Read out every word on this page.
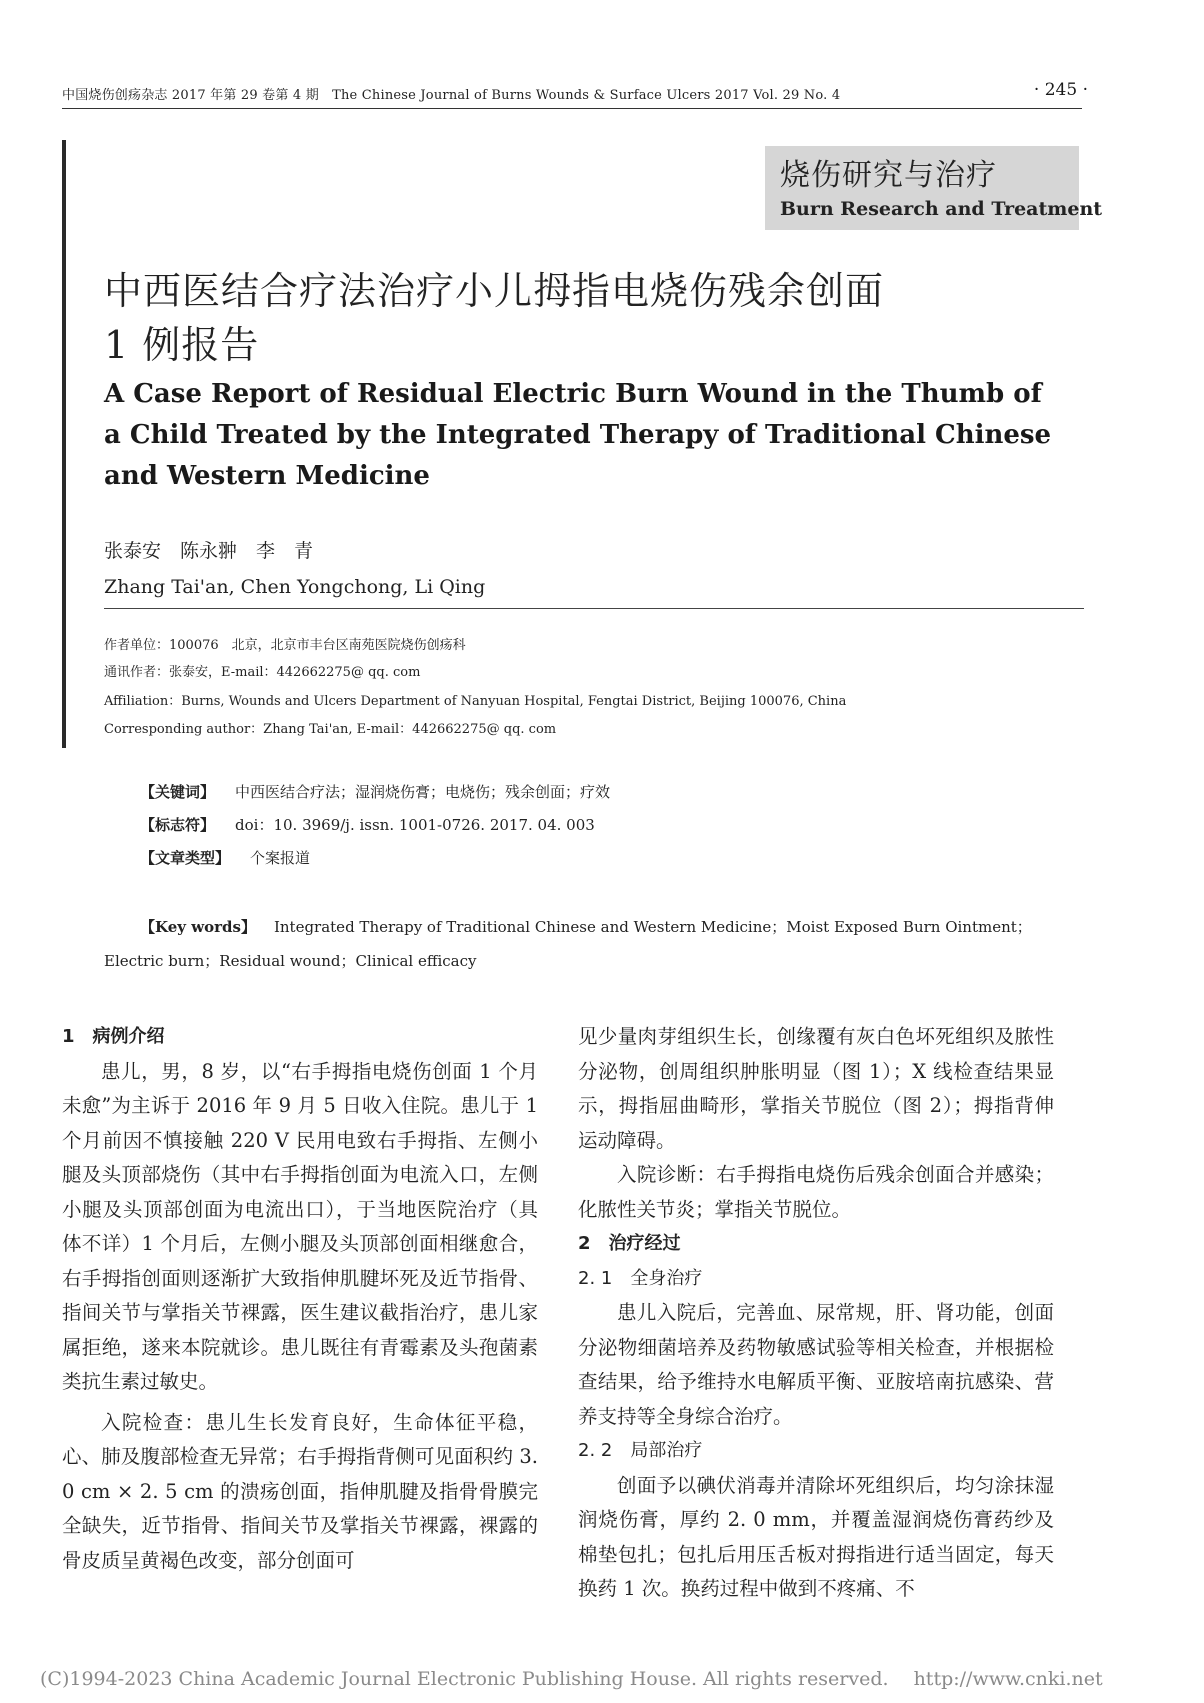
中国烧伤创疡杂志 2017 年第 29 卷第 4 期　The Chinese Journal of Burns Wounds & Surface Ulcers 2017 Vol. 29 No. 4	· 245 ·
烧伤研究与治疗
Burn Research and Treatment
中西医结合疗法治疗小儿拇指电烧伤残余创面
1 例报告
A Case Report of Residual Electric Burn Wound in the Thumb of a Child Treated by the Integrated Therapy of Traditional Chinese and Western Medicine
张泰安　陈永翀　李　青
Zhang Tai'an, Chen Yongchong, Li Qing
作者单位：100076　北京，北京市丰台区南苑医院烧伤创疡科
通讯作者：张泰安，E-mail：442662275@ qq. com
Affiliation：Burns, Wounds and Ulcers Department of Nanyuan Hospital, Fengtai District, Beijing 100076, China
Corresponding author：Zhang Tai'an, E-mail：442662275@ qq. com
【关键词】 中西医结合疗法；湿润烧伤膏；电烧伤；残余创面；疗效
【标志符】 doi：10. 3969/j. issn. 1001-0726. 2017. 04. 003
【文章类型】 个案报道
【Key words】 Integrated Therapy of Traditional Chinese and Western Medicine；Moist Exposed Burn Ointment；Electric burn；Residual wound；Clinical efficacy

1　病例介绍

患儿，男，8 岁，以“右手拇指电烧伤创面 1 个月未愈”为主诉于 2016 年 9 月 5 日收入住院。患儿于 1 个月前因不慎接触 220 V 民用电致右手拇指、左侧小腿及头顶部烧伤（其中右手拇指创面为电流入口，左侧小腿及头顶部创面为电流出口），于当地医院治疗（具体不详）1 个月后，左侧小腿及头顶部创面相继愈合，右手拇指创面则逐渐扩大致指伸肌腱坏死及近节指骨、指间关节与掌指关节裸露，医生建议截指治疗，患儿家属拒绝，遂来本院就诊。患儿既往有青霉素及头孢菌素类抗生素过敏史。

入院检查：患儿生长发育良好，生命体征平稳，心、肺及腹部检查无异常；右手拇指背侧可见面积约 3. 0 cm × 2. 5 cm 的溃疡创面，指伸肌腱及指骨骨膜完全缺失，近节指骨、指间关节及掌指关节裸露，裸露的骨皮质呈黄褐色改变，部分创面可

见少量肉芽组织生长，创缘覆有灰白色坏死组织及脓性分泌物，创周组织肿胀明显（图 1）；X 线检查结果显示，拇指屈曲畸形，掌指关节脱位（图 2）；拇指背伸运动障碍。

入院诊断：右手拇指电烧伤后残余创面合并感染；化脓性关节炎；掌指关节脱位。

2　治疗经过

2. 1　全身治疗

患儿入院后，完善血、尿常规，肝、肾功能，创面分泌物细菌培养及药物敏感试验等相关检查，并根据检查结果，给予维持水电解质平衡、亚胺培南抗感染、营养支持等全身综合治疗。

2. 2　局部治疗

创面予以碘伏消毒并清除坏死组织后，均匀涂抹湿润烧伤膏，厚约 2. 0 mm，并覆盖湿润烧伤膏药纱及棉垫包扎；包扎后用压舌板对拇指进行适当固定，每天换药 1 次。换药过程中做到不疼痛、不

(C)1994-2023 China Academic Journal Electronic Publishing House. All rights reserved.　 http://www.cnki.net
